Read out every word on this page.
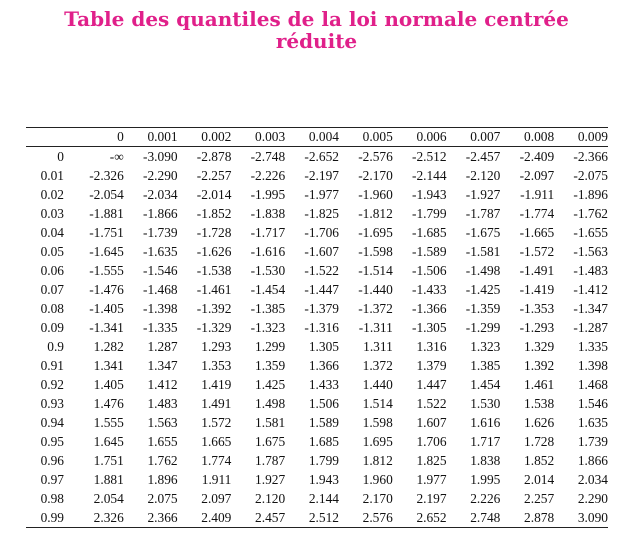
Table des quantiles de la loi normale centrée
réduite
	0	0.001	0.002	0.003	0.004	0.005	0.006	0.007	0.008	0.009
0	-∞	-3.090	-2.878	-2.748	-2.652	-2.576	-2.512	-2.457	-2.409	-2.366
0.01	-2.326	-2.290	-2.257	-2.226	-2.197	-2.170	-2.144	-2.120	-2.097	-2.075
0.02	-2.054	-2.034	-2.014	-1.995	-1.977	-1.960	-1.943	-1.927	-1.911	-1.896
0.03	-1.881	-1.866	-1.852	-1.838	-1.825	-1.812	-1.799	-1.787	-1.774	-1.762
0.04	-1.751	-1.739	-1.728	-1.717	-1.706	-1.695	-1.685	-1.675	-1.665	-1.655
0.05	-1.645	-1.635	-1.626	-1.616	-1.607	-1.598	-1.589	-1.581	-1.572	-1.563
0.06	-1.555	-1.546	-1.538	-1.530	-1.522	-1.514	-1.506	-1.498	-1.491	-1.483
0.07	-1.476	-1.468	-1.461	-1.454	-1.447	-1.440	-1.433	-1.425	-1.419	-1.412
0.08	-1.405	-1.398	-1.392	-1.385	-1.379	-1.372	-1.366	-1.359	-1.353	-1.347
0.09	-1.341	-1.335	-1.329	-1.323	-1.316	-1.311	-1.305	-1.299	-1.293	-1.287
0.9	1.282	1.287	1.293	1.299	1.305	1.311	1.316	1.323	1.329	1.335
0.91	1.341	1.347	1.353	1.359	1.366	1.372	1.379	1.385	1.392	1.398
0.92	1.405	1.412	1.419	1.425	1.433	1.440	1.447	1.454	1.461	1.468
0.93	1.476	1.483	1.491	1.498	1.506	1.514	1.522	1.530	1.538	1.546
0.94	1.555	1.563	1.572	1.581	1.589	1.598	1.607	1.616	1.626	1.635
0.95	1.645	1.655	1.665	1.675	1.685	1.695	1.706	1.717	1.728	1.739
0.96	1.751	1.762	1.774	1.787	1.799	1.812	1.825	1.838	1.852	1.866
0.97	1.881	1.896	1.911	1.927	1.943	1.960	1.977	1.995	2.014	2.034
0.98	2.054	2.075	2.097	2.120	2.144	2.170	2.197	2.226	2.257	2.290
0.99	2.326	2.366	2.409	2.457	2.512	2.576	2.652	2.748	2.878	3.090
